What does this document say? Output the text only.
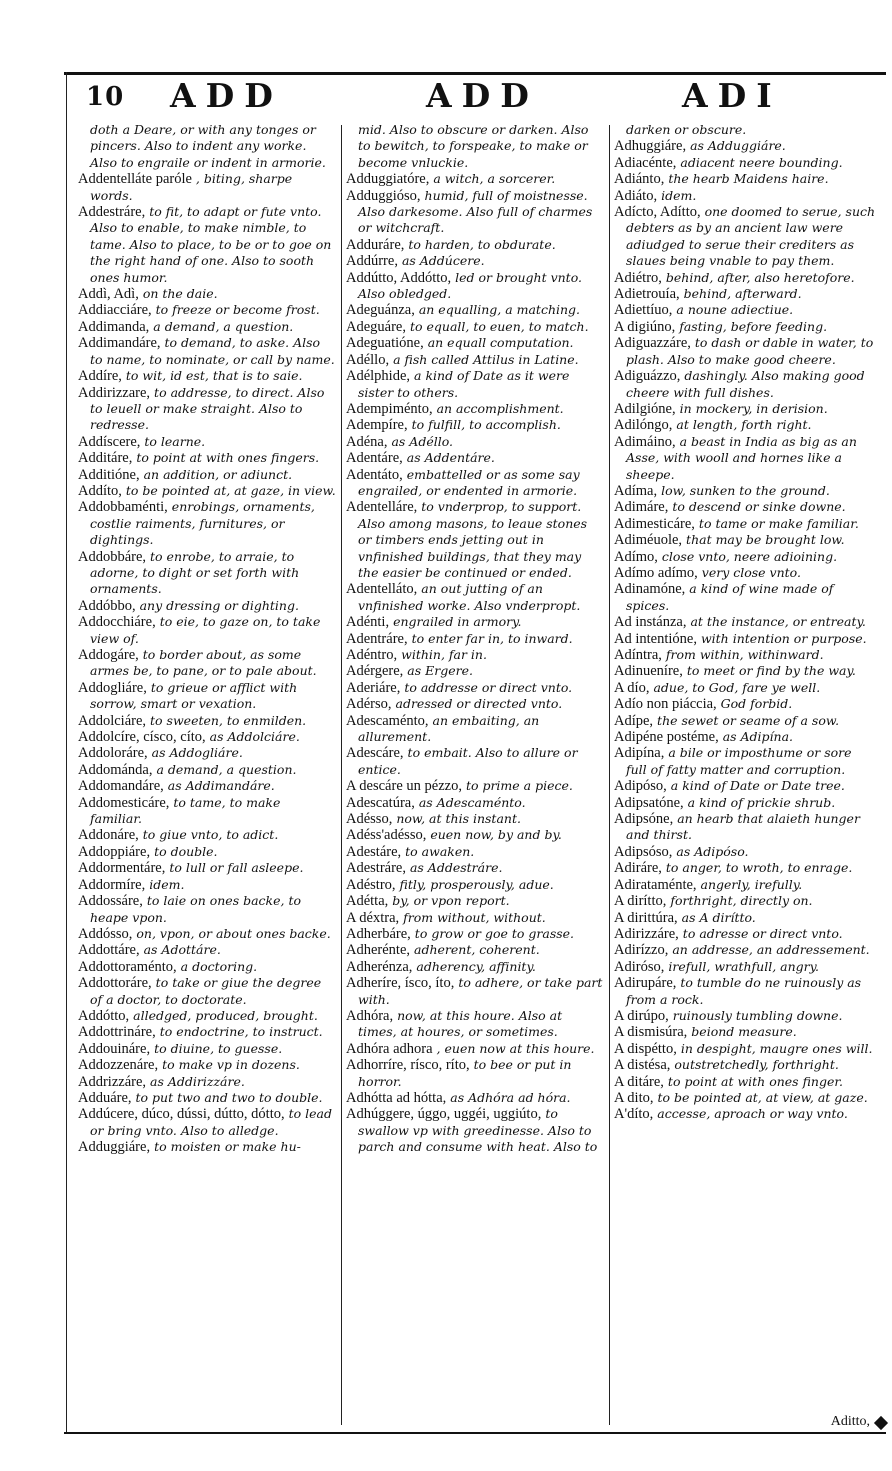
10 ADD	ADD	ADI

doth a Deare, or with any tonges or pincers. Also to indent any worke. Also to engraile or indent in armorie.

Addentelláte paróle , biting, sharpe words.

Addestráre, to fit, to adapt or fute vnto. Also to enable, to make nimble, to tame. Also to place, to be or to goe on the right hand of one. Also to sooth ones humor.

Addì, Adì, on the daie.

Addiacciáre, to freeze or become frost.

Addimanda, a demand, a question.

Addimandáre, to demand, to aske. Also to name, to nominate, or call by name.

Addíre, to wit, id est, that is to saie.

Addirizzare, to addresse, to direct. Also to leuell or make straight. Also to redresse.

Addíscere, to learne.

Additáre, to point at with ones fingers.

Additióne, an addition, or adiunct.

Addíto, to be pointed at, at gaze, in view.

Addobbaménti, enrobings, ornaments, costlie raiments, furnitures, or dightings.

Addobbáre, to enrobe, to arraie, to adorne, to dight or set forth with ornaments.

Addóbbo, any dressing or dighting.

Addocchiáre, to eie, to gaze on, to take view of.

Addogáre, to border about, as some armes be, to pane, or to pale about.

Addogliáre, to grieue or afflict with sorrow, smart or vexation.

Addolciáre, to sweeten, to enmilden.

Addolcíre, císco, cíto, as Addolciáre.

Addoloráre, as Addogliáre.

Addománda, a demand, a question.

Addomandáre, as Addimandáre.

Addomesticáre, to tame, to make familiar.

Addonáre, to giue vnto, to adict.

Addoppiáre, to double.

Addormentáre, to lull or fall asleepe.

Addormíre, idem.

Addossáre, to laie on ones backe, to heape vpon.

Addósso, on, vpon, or about ones backe.

Addottáre, as Adottáre.

Addottoraménto, a doctoring.

Addottoráre, to take or giue the degree of a doctor, to doctorate.

Addótto, alledged, produced, brought.

Addottrináre, to endoctrine, to instruct.

Addouináre, to diuine, to guesse.

Addozzenáre, to make vp in dozens.

Addrizzáre, as Addirizzáre.

Adduáre, to put two and two to double.

Addúcere, dúco, dússi, dútto, dótto, to lead or bring vnto. Also to alledge.

Adduggiáre, to moisten or make hu-

mid. Also to obscure or darken. Also to bewitch, to forspeake, to make or become vnluckie.

Adduggiatóre, a witch, a sorcerer.

Adduggióso, humid, full of moistnesse. Also darkesome. Also full of charmes or witchcraft.

Adduráre, to harden, to obdurate.

Addúrre, as Addúcere.

Addútto, Addótto, led or brought vnto. Also obledged.

Adeguánza, an equalling, a matching.

Adeguáre, to equall, to euen, to match.

Adeguatióne, an equall computation.

Adéllo, a fish called Attilus in Latine.

Adélphide, a kind of Date as it were sister to others.

Adempiménto, an accomplishment.

Adempíre, to fulfill, to accomplish.

Adéna, as Adéllo.

Adentáre, as Addentáre.

Adentáto, embattelled or as some say engrailed, or endented in armorie.

Adentelláre, to vnderprop, to support. Also among masons, to leaue stones or timbers ends jetting out in vnfinished buildings, that they may the easier be continued or ended.

Adentelláto, an out jutting of an vnfinished worke. Also vnderpropt.

Adénti, engrailed in armory.

Adentráre, to enter far in, to inward.

Adéntro, within, far in.

Adérgere, as Ergere.

Aderiáre, to addresse or direct vnto.

Adérso, adressed or directed vnto.

Adescaménto, an embaiting, an allurement.

Adescáre, to embait. Also to allure or entice.

A descáre un pézzo, to prime a piece.

Adescatúra, as Adescaménto.

Adésso, now, at this instant.

Adéss'adésso, euen now, by and by.

Adestáre, to awaken.

Adestráre, as Addestráre.

Adéstro, fitly, prosperously, adue.

Adétta, by, or vpon report.

A déxtra, from without, without.

Adherbáre, to grow or goe to grasse.

Adherénte, adherent, coherent.

Adherénza, adherency, affinity.

Adheríre, ísco, íto, to adhere, or take part with.

Adhóra, now, at this houre. Also at times, at houres, or sometimes.

Adhóra adhora , euen now at this houre.

Adhorríre, rísco, ríto, to bee or put in horror.

Adhótta ad hótta, as Adhóra ad hóra.

Adhúggere, úggo, uggéi, uggiúto, to swallow vp with greedinesse. Also to parch and consume with heat. Also to

darken or obscure.

Adhuggiáre, as Adduggiáre.

Adiacénte, adiacent neere bounding.

Adiánto, the hearb Maidens haire.

Adiáto, idem.

Adícto, Adítto, one doomed to serue, such debters as by an ancient law were adiudged to serue their crediters as slaues being vnable to pay them.

Adiétro, behind, after, also heretofore.

Adietrouía, behind, afterward.

Adiettíuo, a noune adiectiue.

A digiúno, fasting, before feeding.

Adiguazzáre, to dash or dable in water, to plash. Also to make good cheere.

Adiguázzo, dashingly. Also making good cheere with full dishes.

Adilgióne, in mockery, in derision.

Adilóngo, at length, forth right.

Adimáino, a beast in India as big as an Asse, with wooll and hornes like a sheepe.

Adíma, low, sunken to the ground.

Adimáre, to descend or sinke downe.

Adimesticáre, to tame or make familiar.

Adiméuole, that may be brought low.

Adímo, close vnto, neere adioining.

Adímo adímo, very close vnto.

Adinamóne, a kind of wine made of spices.

Ad instánza, at the instance, or entreaty.

Ad intentióne, with intention or purpose.

Adíntra, from within, withinward.

Adinueníre, to meet or find by the way.

A dío, adue, to God, fare ye well.

Adío non piáccia, God forbid.

Adípe, the sewet or seame of a sow.

Adipéne postéme, as Adipína.

Adipína, a bile or imposthume or sore full of fatty matter and corruption.

Adipóso, a kind of Date or Date tree.

Adipsatóne, a kind of prickie shrub.

Adipsóne, an hearb that alaieth hunger and thirst.

Adipsóso, as Adipóso.

Adiráre, to anger, to wroth, to enrage.

Adirataménte, angerly, irefully.

A dirítto, forthright, directly on.

A dirittúra, as A dirítto.

Adirizzáre, to adresse or direct vnto.

Adirízzo, an addresse, an addressement.

Adiróso, irefull, wrathfull, angry.

Adirupáre, to tumble do ne ruinously as from a rock.

A dirúpo, ruinously tumbling downe.

A dismisúra, beiond measure.

A dispétto, in despight, maugre ones will.

A distésa, outstretchedly, forthright.

A ditáre, to point at with ones finger.

A dito, to be pointed at, at view, at gaze.

A'díto, accesse, aproach or way vnto.

Aditto,
